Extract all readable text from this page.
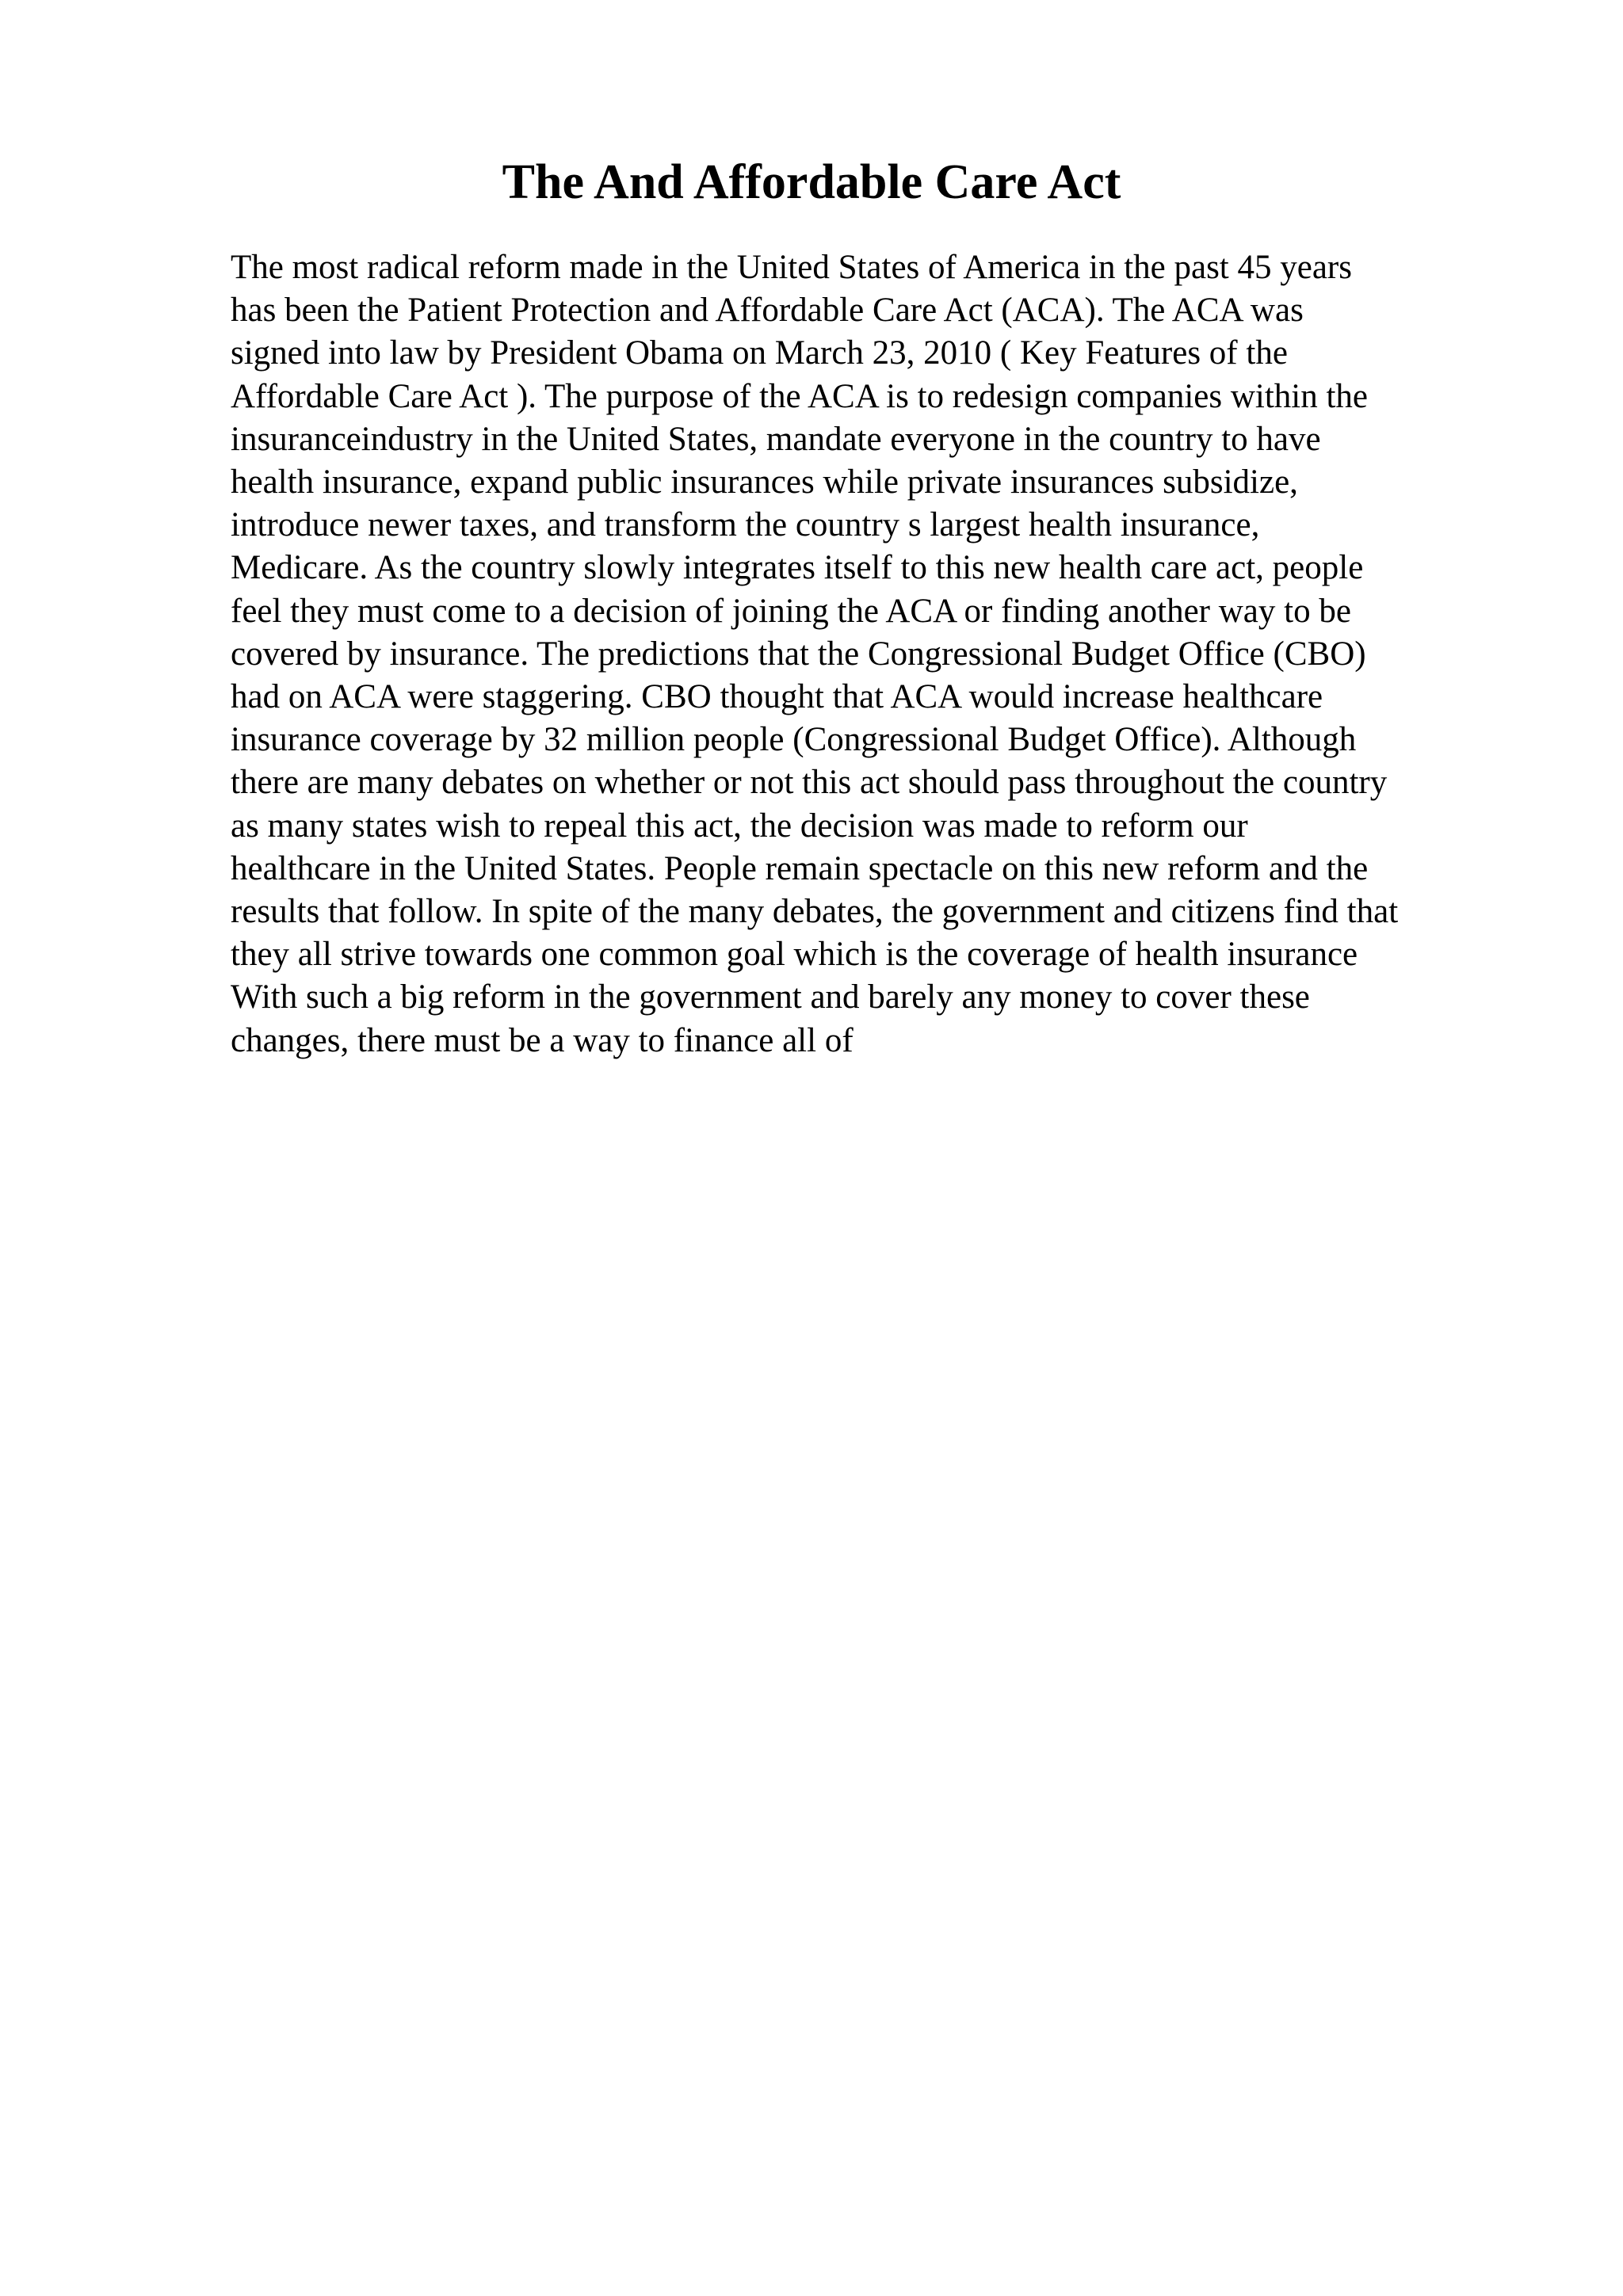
The And Affordable Care Act
The most radical reform made in the United States of America in the past 45 years
has been the Patient Protection and Affordable Care Act (ACA). The ACA was
signed into law by President Obama on March 23, 2010 ( Key Features of the
Affordable Care Act ). The purpose of the ACA is to redesign companies within the
insuranceindustry in the United States, mandate everyone in the country to have
health insurance, expand public insurances while private insurances subsidize,
introduce newer taxes, and transform the country s largest health insurance,
Medicare. As the country slowly integrates itself to this new health care act, people
feel they must come to a decision of joining the ACA or finding another way to be
covered by insurance. The predictions that the Congressional Budget Office (CBO)
had on ACA were staggering. CBO thought that ACA would increase healthcare
insurance coverage by 32 million people (Congressional Budget Office). Although
there are many debates on whether or not this act should pass throughout the country
as many states wish to repeal this act, the decision was made to reform our
healthcare in the United States. People remain spectacle on this new reform and the
results that follow. In spite of the many debates, the government and citizens find that
they all strive towards one common goal which is the coverage of health insurance
With such a big reform in the government and barely any money to cover these
changes, there must be a way to finance all of
